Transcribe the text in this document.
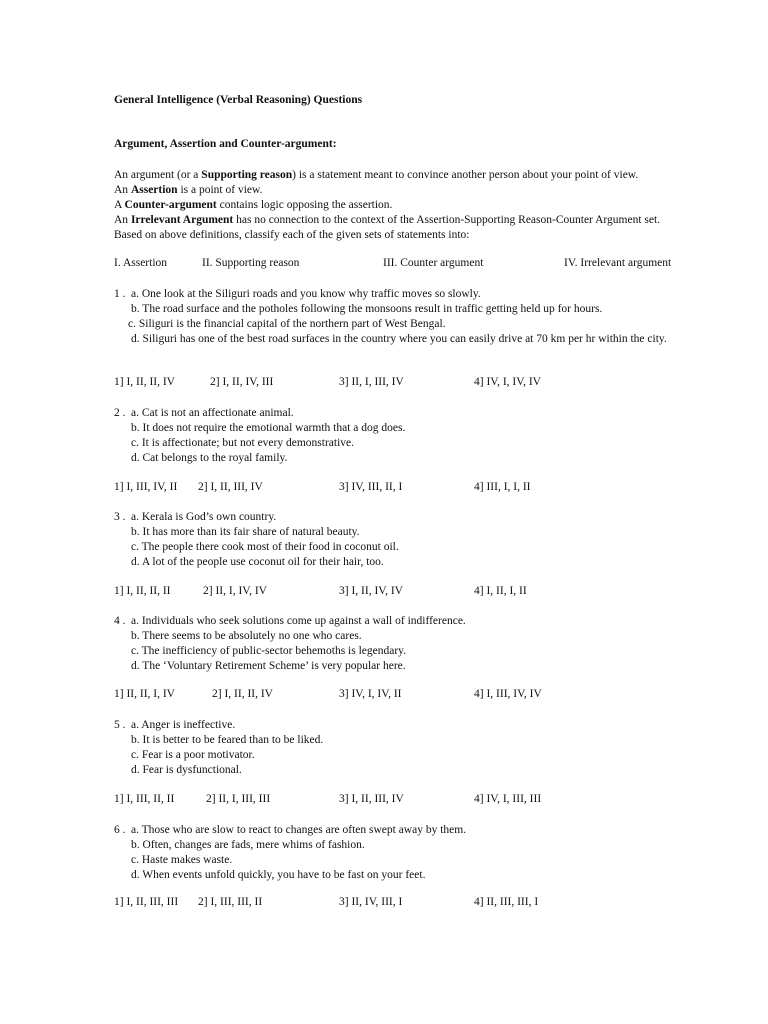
General Intelligence (Verbal Reasoning) Questions
Argument, Assertion and Counter-argument:
An argument (or a Supporting reason) is a statement meant to convince another person about your point of view.
An Assertion is a point of view.
A Counter-argument contains logic opposing the assertion.
An Irrelevant Argument has no connection to the context of the Assertion-Supporting Reason-Counter Argument set.
Based on above definitions, classify each of the given sets of statements into:
I. Assertion	II. Supporting reason	III. Counter argument	IV. Irrelevant argument
1 . a. One look at the Siliguri roads and you know why traffic moves so slowly.
b. The road surface and the potholes following the monsoons result in traffic getting held up for hours.
c. Siliguri is the financial capital of the northern part of West Bengal.
d. Siliguri has one of the best road surfaces in the country where you can easily drive at 70 km per hr within the city.
1] I, II, II, IV	2] I, II, IV, III	3] II, I, III, IV	4] IV, I, IV, IV
2 . a. Cat is not an affectionate animal.
b. It does not require the emotional warmth that a dog does.
c. It is affectionate; but not every demonstrative.
d. Cat belongs to the royal family.
1] I, III, IV, II 2] I, II, III, IV	3] IV, III, II, I	4] III, I, I, II
3 . a. Kerala is God’s own country.
b. It has more than its fair share of natural beauty.
c. The people there cook most of their food in coconut oil.
d. A lot of the people use coconut oil for their hair, too.
1] I, II, II, II	2] II, I, IV, IV	3] I, II, IV, IV	4] I, II, I, II
4 . a. Individuals who seek solutions come up against a wall of indifference.
b. There seems to be absolutely no one who cares.
c. The inefficiency of public-sector behemoths is legendary.
d. The ‘Voluntary Retirement Scheme’ is very popular here.
1] II, II, I, IV	2] I, II, II, IV	3] IV, I, IV, II	4] I, III, IV, IV
5 . a. Anger is ineffective.
b. It is better to be feared than to be liked.
c. Fear is a poor motivator.
d. Fear is dysfunctional.
1] I, III, II, II	2] II, I, III, III	3] I, II, III, IV	4] IV, I, III, III
6 . a. Those who are slow to react to changes are often swept away by them.
b. Often, changes are fads, mere whims of fashion.
c. Haste makes waste.
d. When events unfold quickly, you have to be fast on your feet.
1] I, II, III, III 2] I, III, III, II	3] II, IV, III, I	4] II, III, III, I
